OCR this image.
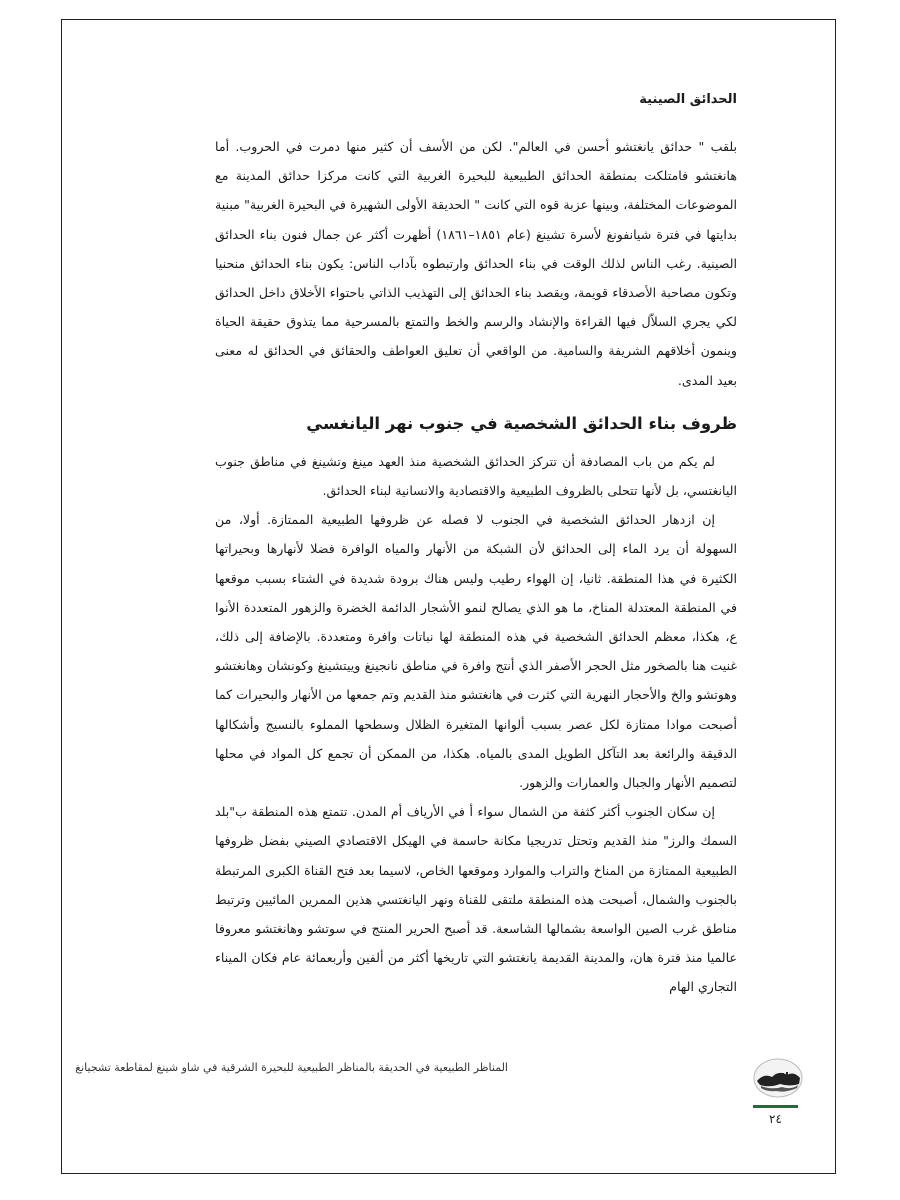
الحدائق الصينية

بلقب " حدائق يانغتشو أحسن في العالم". لكن من الأسف أن كثير منها دمرت في الحروب. أما هانغتشو فامتلكت بمنطقة الحدائق الطبيعية للبحيرة الغربية التي كانت مركزا حدائق المدينة مع الموضوعات المختلفة، وبينها عزبة قوه التي كانت " الحديقة الأولى الشهيرة في البحيرة الغربية" مبنية بدايتها في فترة شيانفونغ لأسرة تشينغ (عام ١٨٥١–١٨٦١) أظهرت أكثر عن جمال فنون بناء الحدائق الصينية. رغب الناس لذلك الوقت في بناء الحدائق وارتبطوه بآداب الناس: يكون بناء الحدائق منحنيا وتكون مصاحبة الأصدقاء قويمة، ويقصد بناء الحدائق إلى التهذيب الذاتي باحتواء الأخلاق داخل الحدائق لكي يجري السلاّل فيها القراءة والإنشاد والرسم والخط والتمتع بالمسرحية مما يتذوق حقيقة الحياة وينمون أخلاقهم الشريفة والسامية. من الواقعي أن تعليق العواطف والحقائق في الحدائق له معنى بعيد المدى.

ظروف بناء الحدائق الشخصية في جنوب نهر اليانغسي

لم يكم من باب المصادفة أن تتركز الحدائق الشخصية منذ العهد مينغ وتشينغ في مناطق جنوب اليانغتسي، بل لأنها تتحلى بالظروف الطبيعية والاقتصادية والانسانية لبناء الحدائق.

إن ازدهار الحدائق الشخصية في الجنوب لا فصله عن ظروفها الطبيعية الممتازة. أولا، من السهولة أن يرد الماء إلى الحدائق لأن الشبكة من الأنهار والمياه الوافرة فضلا لأنهارها وبحيراتها الكثيرة في هذا المنطقة. ثانيا، إن الهواء رطيب وليس هناك برودة شديدة في الشتاء بسبب موقعها في المنطقة المعتدلة المناخ، ما هو الذي يصالح لنمو الأشجار الدائمة الخضرة والزهور المتعددة الأنوا ع، هكذا، معظم الحدائق الشخصية في هذه المنطقة لها نباتات وافرة ومتعددة. بالإضافة إلى ذلك، غنيت هنا بالصخور مثل الحجر الأصفر الذي أنتج وافرة في مناطق نانجينغ وييتشينغ وكونشان وهانغتشو وهوتشو والخ والأحجار النهرية التي كثرت في هانغتشو منذ القديم وتم جمعها من الأنهار والبحيرات كما أصبحت موادا ممتازة لكل عصر بسبب ألوانها المتغيرة الظلال وسطحها المملوء بالنسيج وأشكالها الدقيقة والرائعة بعد التآكل الطويل المدى بالمياه. هكذا، من الممكن أن تجمع كل المواد في محلها لتصميم الأنهار والجبال والعمارات والزهور.

إن سكان الجنوب أكثر كثفة من الشمال سواء أ في الأرياف أم المدن. تتمتع هذه المنطقة ب"بلد السمك والرز" منذ القديم وتحتل تدريجيا مكانة حاسمة في الهيكل الاقتصادي الصيني بفضل ظروفها الطبيعية الممتازة من المناخ والتراب والموارد وموقعها الخاص، لاسيما بعد فتح القناة الكبرى المرتبطة بالجنوب والشمال، أصبحت هذه المنطقة ملتقى للقناة ونهر اليانغتسي هذين الممرين المائيين وترتبط مناطق غرب الصين الواسعة بشمالها الشاسعة. قد أصبح الحرير المنتج في سوتشو وهانغتشو معروفا عالميا منذ فترة هان، والمدينة القديمة يانغتشو التي تاريخها أكثر من ألفين وأربعمائة عام فكان الميناء التجاري الهام

المناظر الطبيعية في الحديقة بالمناظر الطبيعية للبحيرة الشرقية في شاو شينغ لمقاطعة تشجيانغ
٢٤
